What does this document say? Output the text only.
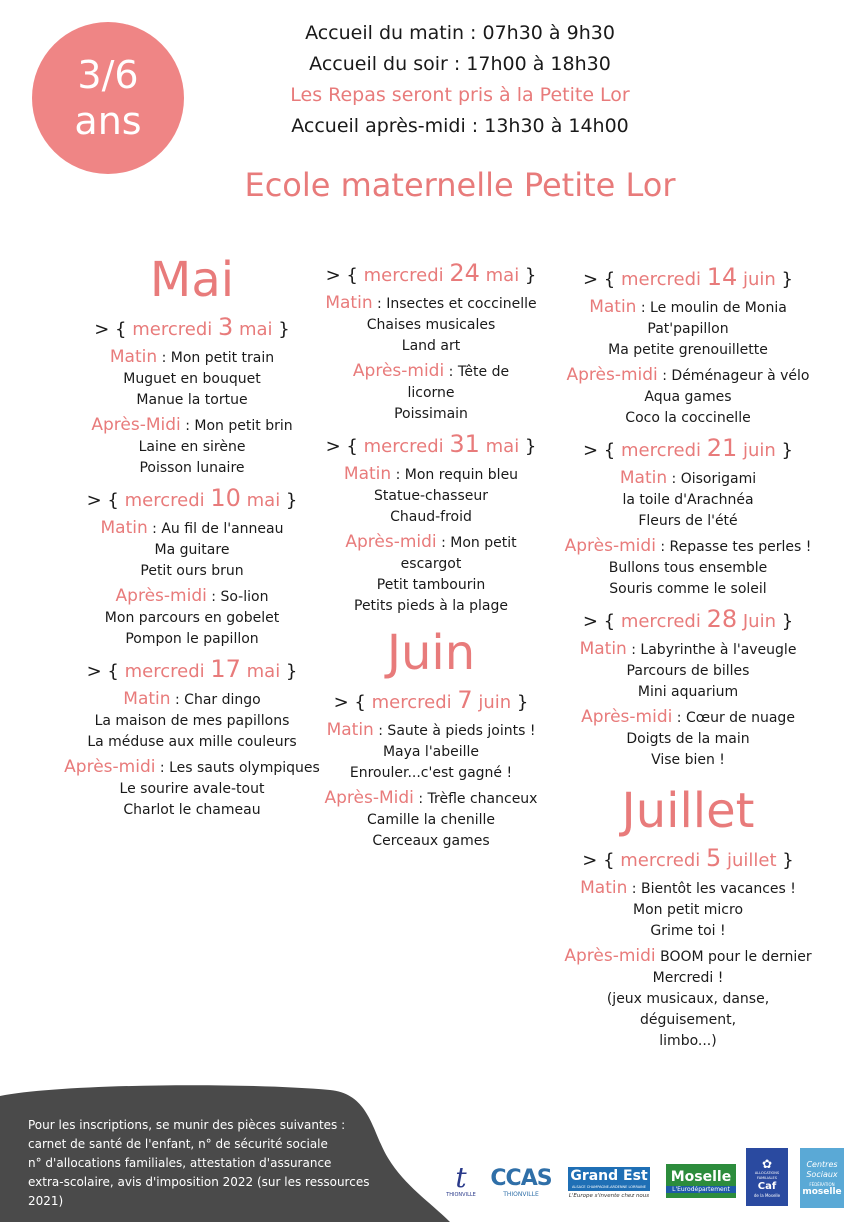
3/6
ans
Accueil du matin : 07h30 à 9h30
Accueil du soir : 17h00 à 18h30
Les Repas seront pris à la Petite Lor
Accueil après-midi : 13h30 à 14h00
Ecole maternelle Petite Lor
Mai
> { mercredi 3 mai }
Matin : Mon petit train
Muguet en bouquet
Manue la tortue
Après-Midi : Mon petit brin
Laine en sirène
Poisson lunaire
> { mercredi 10 mai }
Matin : Au fil de l'anneau
Ma guitare
Petit ours brun
Après-midi : So-lion
Mon parcours en gobelet
Pompon le papillon
> { mercredi 17 mai }
Matin : Char dingo
La maison de mes papillons
La méduse aux mille couleurs
Après-midi : Les sauts olympiques
Le sourire avale-tout
Charlot le chameau
> { mercredi 24 mai }
Matin : Insectes et coccinelle
Chaises musicales
Land art
Après-midi : Tête de
licorne
Poissimain
> { mercredi 31 mai }
Matin : Mon requin bleu
Statue-chasseur
Chaud-froid
Après-midi : Mon petit
escargot
Petit tambourin
Petits pieds à la plage
Juin
> { mercredi 7 juin }
Matin : Saute à pieds joints !
Maya l'abeille
Enrouler...c'est gagné !
Après-Midi : Trèfle chanceux
Camille la chenille
Cerceaux games
> { mercredi 14 juin }
Matin : Le moulin de Monia
Pat'papillon
Ma petite grenouillette
Après-midi : Déménageur à vélo
Aqua games
Coco la coccinelle
> { mercredi 21 juin }
Matin : Oisorigami
la toile d'Arachnéa
Fleurs de l'été
Après-midi : Repasse tes perles !
Bullons tous ensemble
Souris comme le soleil
> { mercredi 28 Juin }
Matin : Labyrinthe à l'aveugle
Parcours de billes
Mini aquarium
Après-midi : Cœur de nuage
Doigts de la main
Vise bien !
Juillet
> { mercredi 5 juillet }
Matin : Bientôt les vacances !
Mon petit micro
Grime toi !
Après-midi BOOM pour le dernier
Mercredi !
(jeux musicaux, danse, déguisement,
limbo...)
Pour les inscriptions, se munir des pièces suivantes :
carnet de santé de l'enfant, n° de sécurité sociale
n° d'allocations familiales, attestation d'assurance
extra-scolaire, avis d'imposition 2022 (sur les ressources 2021)
t
THIONVILLE
CCAS
THIONVILLE
Grand Est
ALSACE CHAMPAGNE-ARDENNE LORRAINE
L'Europe s'invente chez nous
Moselle
L'Eurodépartement
✿
ALLOCATIONS FAMILIALES
Caf
de la Moselle
Centres Sociaux
FÉDÉRATION
moselle
